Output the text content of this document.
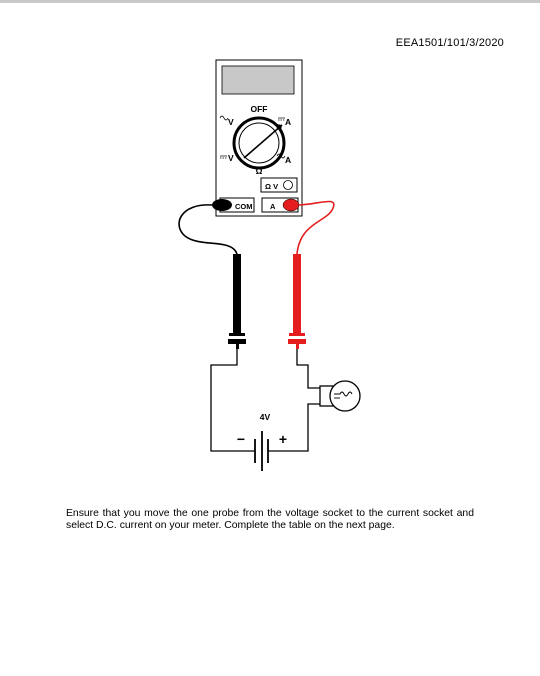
EEA1501/101/3/2020
OFF
V	A
V	A
Ω
Ω V
COM A
4V
− +
Ensure that you move the one probe from the voltage socket to the current socket and select D.C. current on your meter. Complete the table on the next page.
